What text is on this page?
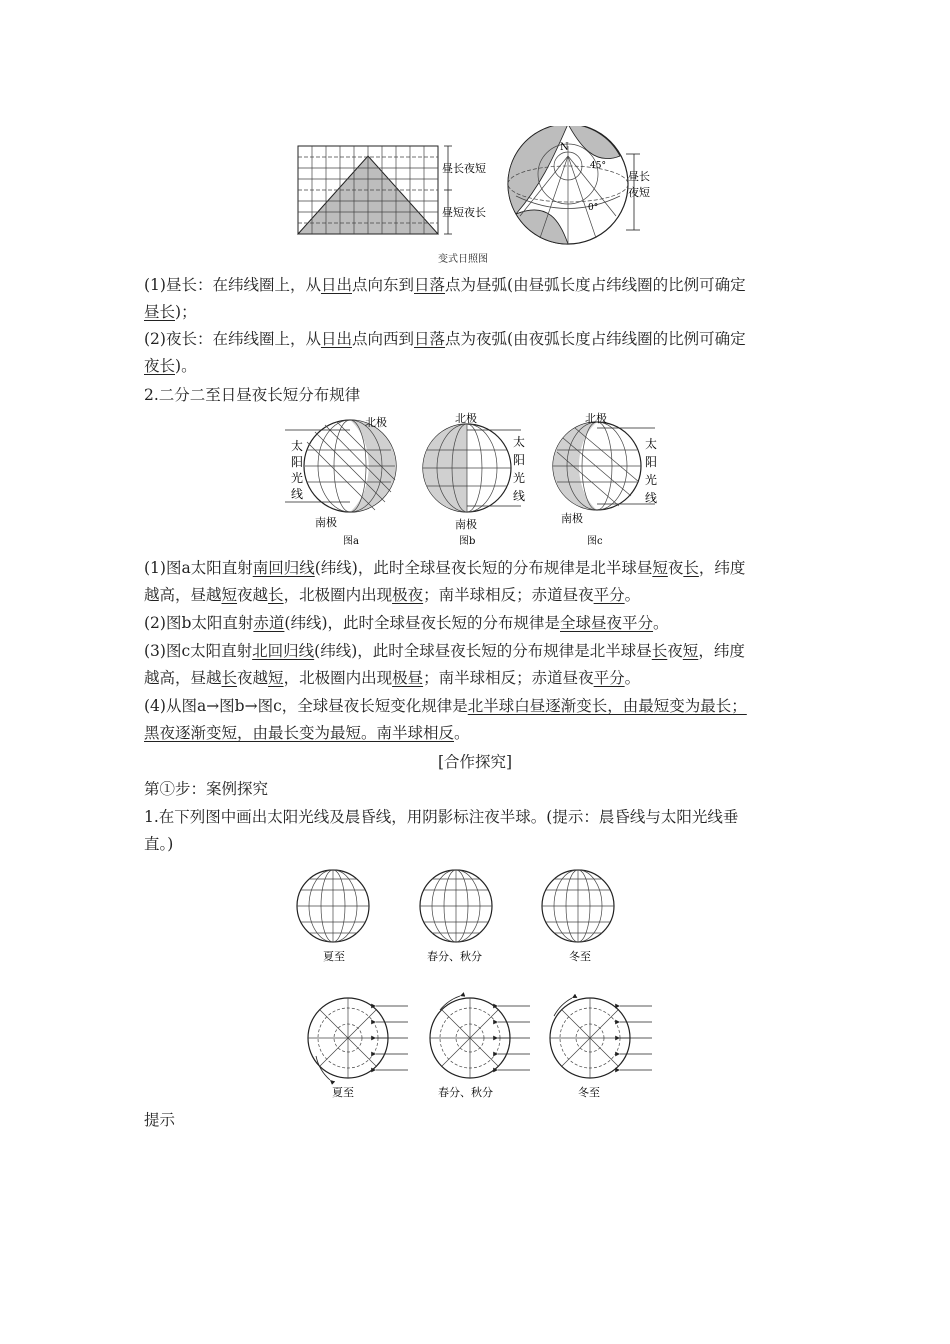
昼长夜短
昼短夜长
N
45°
0°
昼长
夜短
变式日照图
(1)昼长：在纬线圈上，从日出点向东到日落点为昼弧(由昼弧长度占纬线圈的比例可确定
昼长)；
(2)夜长：在纬线圈上，从日出点向西到日落点为夜弧(由夜弧长度占纬线圈的比例可确定
夜长)。
2.二分二至日昼夜长短分布规律
北极
南极
太
阳
光
线
图a
北极
南极
太
阳
光
线
图b
北极
南极
太
阳
光
线
图c
(1)图a太阳直射南回归线(纬线)，此时全球昼夜长短的分布规律是北半球昼短夜长，纬度
越高，昼越短夜越长，北极圈内出现极夜；南半球相反；赤道昼夜平分。
(2)图b太阳直射赤道(纬线)，此时全球昼夜长短的分布规律是全球昼夜平分。
(3)图c太阳直射北回归线(纬线)，此时全球昼夜长短的分布规律是北半球昼长夜短，纬度
越高，昼越长夜越短，北极圈内出现极昼；南半球相反；赤道昼夜平分。
(4)从图a→图b→图c，全球昼夜长短变化规律是北半球白昼逐渐变长，由最短变为最长；
黑夜逐渐变短，由最长变为最短。南半球相反。
[合作探究]
第①步：案例探究
1.在下列图中画出太阳光线及晨昏线，用阴影标注夜半球。(提示：晨昏线与太阳光线垂
直。)
夏至	春分、秋分	冬至
夏至	春分、秋分	冬至
提示
